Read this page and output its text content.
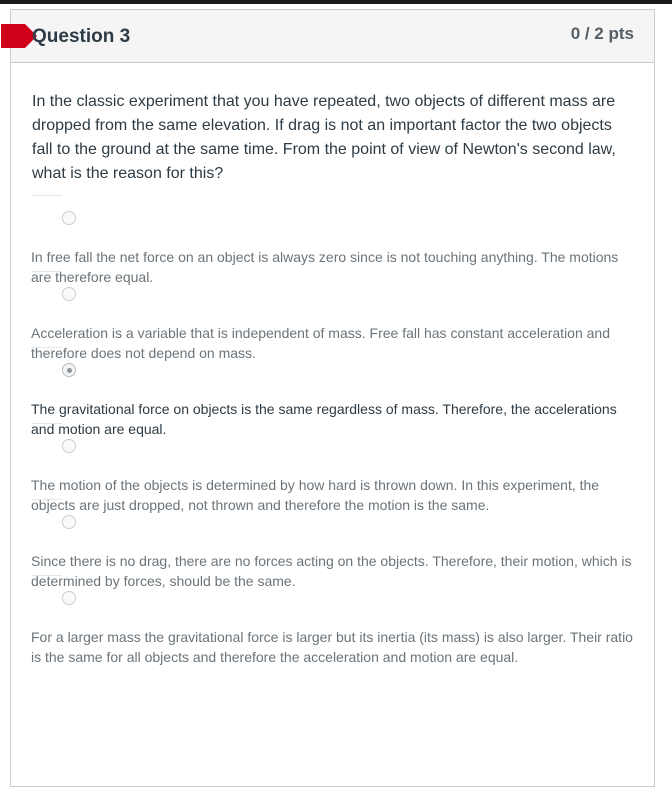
Question 3	0 / 2 pts

In the classic experiment that you have repeated, two objects of different mass are dropped from the same elevation. If drag is not an important factor the two objects fall to the ground at the same time. From the point of view of Newton's second law, what is the reason for this?

In free fall the net force on an object is always zero since is not touching anything. The motions are therefore equal.
Acceleration is a variable that is independent of mass. Free fall has constant acceleration and therefore does not depend on mass.
The gravitational force on objects is the same regardless of mass. Therefore, the accelerations and motion are equal.
The motion of the objects is determined by how hard is thrown down. In this experiment, the objects are just dropped, not thrown and therefore the motion is the same.
Since there is no drag, there are no forces acting on the objects. Therefore, their motion, which is determined by forces, should be the same.
For a larger mass the gravitational force is larger but its inertia (its mass) is also larger. Their ratio is the same for all objects and therefore the acceleration and motion are equal.
